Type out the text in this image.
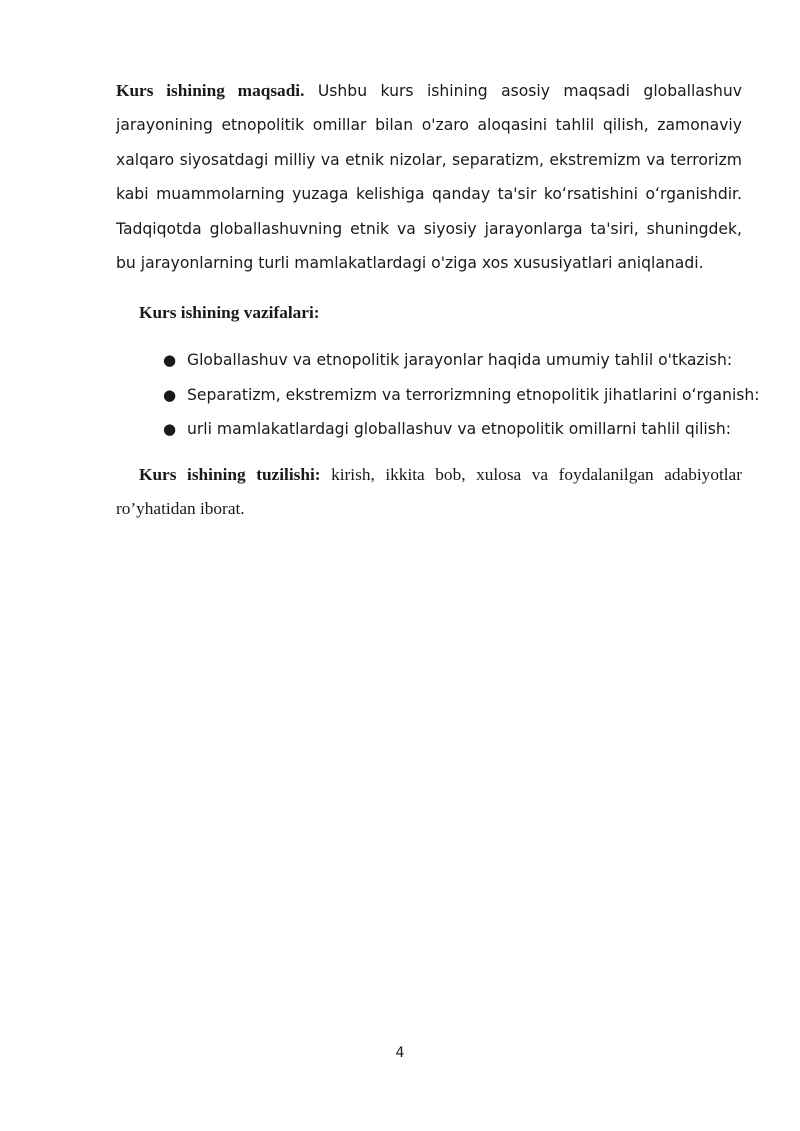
Kurs ishining maqsadi. Ushbu kurs ishining asosiy maqsadi globallashuv jarayonining etnopolitik omillar bilan o'zaro aloqasini tahlil qilish, zamonaviy xalqaro siyosatdagi milliy va etnik nizolar, separatizm, ekstremizm va terrorizm kabi muammolarning yuzaga kelishiga qanday ta'sir koʻrsatishini oʻrganishdir. Tadqiqotda globallashuvning etnik va siyosiy jarayonlarga ta'siri, shuningdek, bu jarayonlarning turli mamlakatlardagi o'ziga xos xususiyatlari aniqlanadi.

Kurs ishining vazifalari:
● Globallashuv va etnopolitik jarayonlar haqida umumiy tahlil o'tkazish:
● Separatizm, ekstremizm va terrorizmning etnopolitik jihatlarini oʻrganish:
● urli mamlakatlardagi globallashuv va etnopolitik omillarni tahlil qilish:

Kurs ishining tuzilishi: kirish, ikkita bob, xulosa va foydalanilgan adabiyotlar ro’yhatidan iborat.

4
